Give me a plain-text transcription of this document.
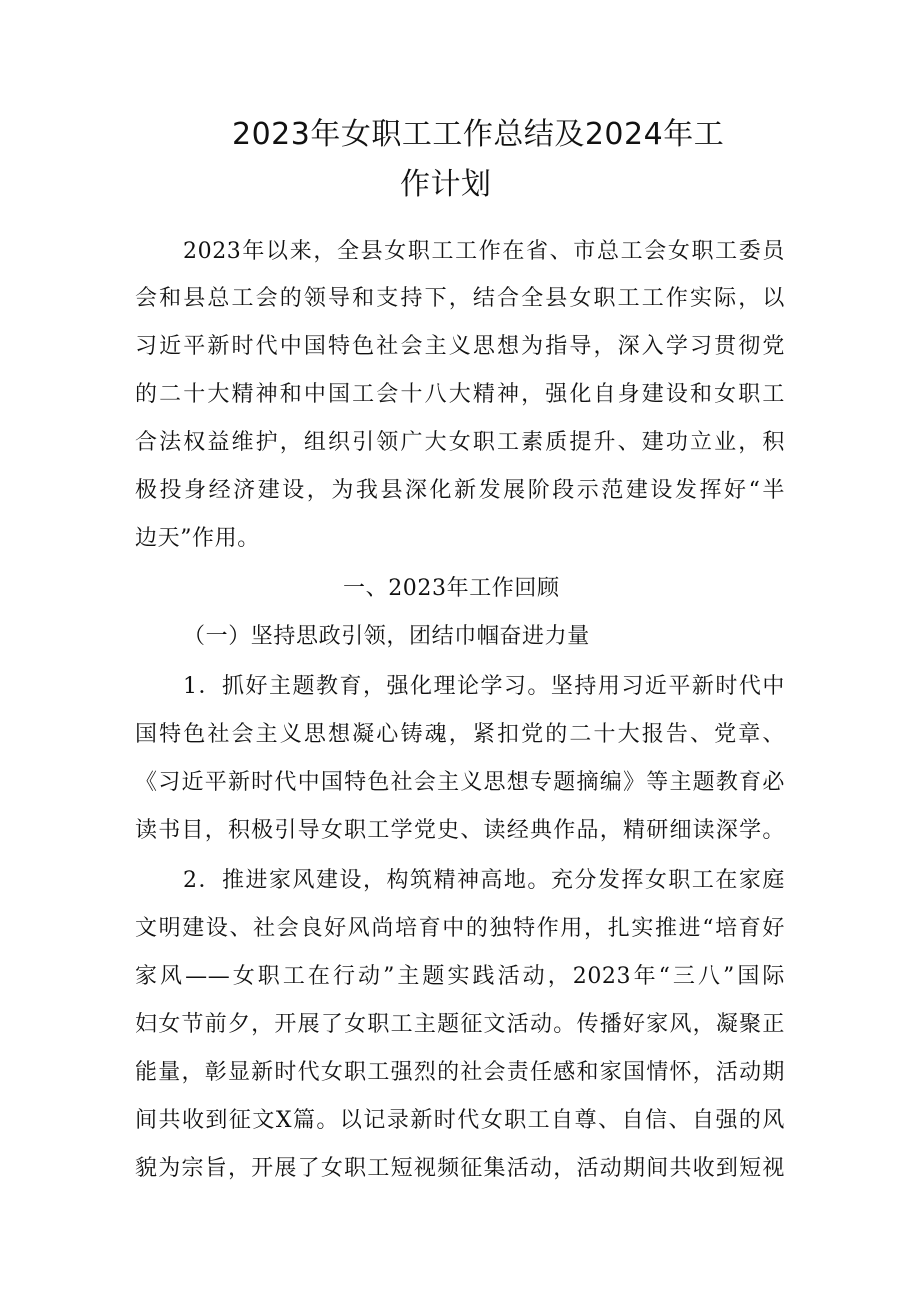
2023年女职工工作总结及2024年工
作计划
2023年以来，全县女职工工作在省、市总工会女职工委员
会和县总工会的领导和支持下，结合全县女职工工作实际，以
习近平新时代中国特色社会主义思想为指导，深入学习贯彻党
的二十大精神和中国工会十八大精神，强化自身建设和女职工
合法权益维护，组织引领广大女职工素质提升、建功立业，积
极投身经济建设，为我县深化新发展阶段示范建设发挥好“半
边天”作用。
一、2023年工作回顾
（一）坚持思政引领，团结巾帼奋进力量
1．抓好主题教育，强化理论学习。坚持用习近平新时代中
国特色社会主义思想凝心铸魂，紧扣党的二十大报告、党章、
《习近平新时代中国特色社会主义思想专题摘编》等主题教育必
读书目，积极引导女职工学党史、读经典作品，精研细读深学。
2．推进家风建设，构筑精神高地。充分发挥女职工在家庭
文明建设、社会良好风尚培育中的独特作用，扎实推进“培育好
家风——女职工在行动”主题实践活动，2023年“三八”国际
妇女节前夕，开展了女职工主题征文活动。传播好家风，凝聚正
能量，彰显新时代女职工强烈的社会责任感和家国情怀，活动期
间共收到征文X篇。以记录新时代女职工自尊、自信、自强的风
貌为宗旨，开展了女职工短视频征集活动，活动期间共收到短视
